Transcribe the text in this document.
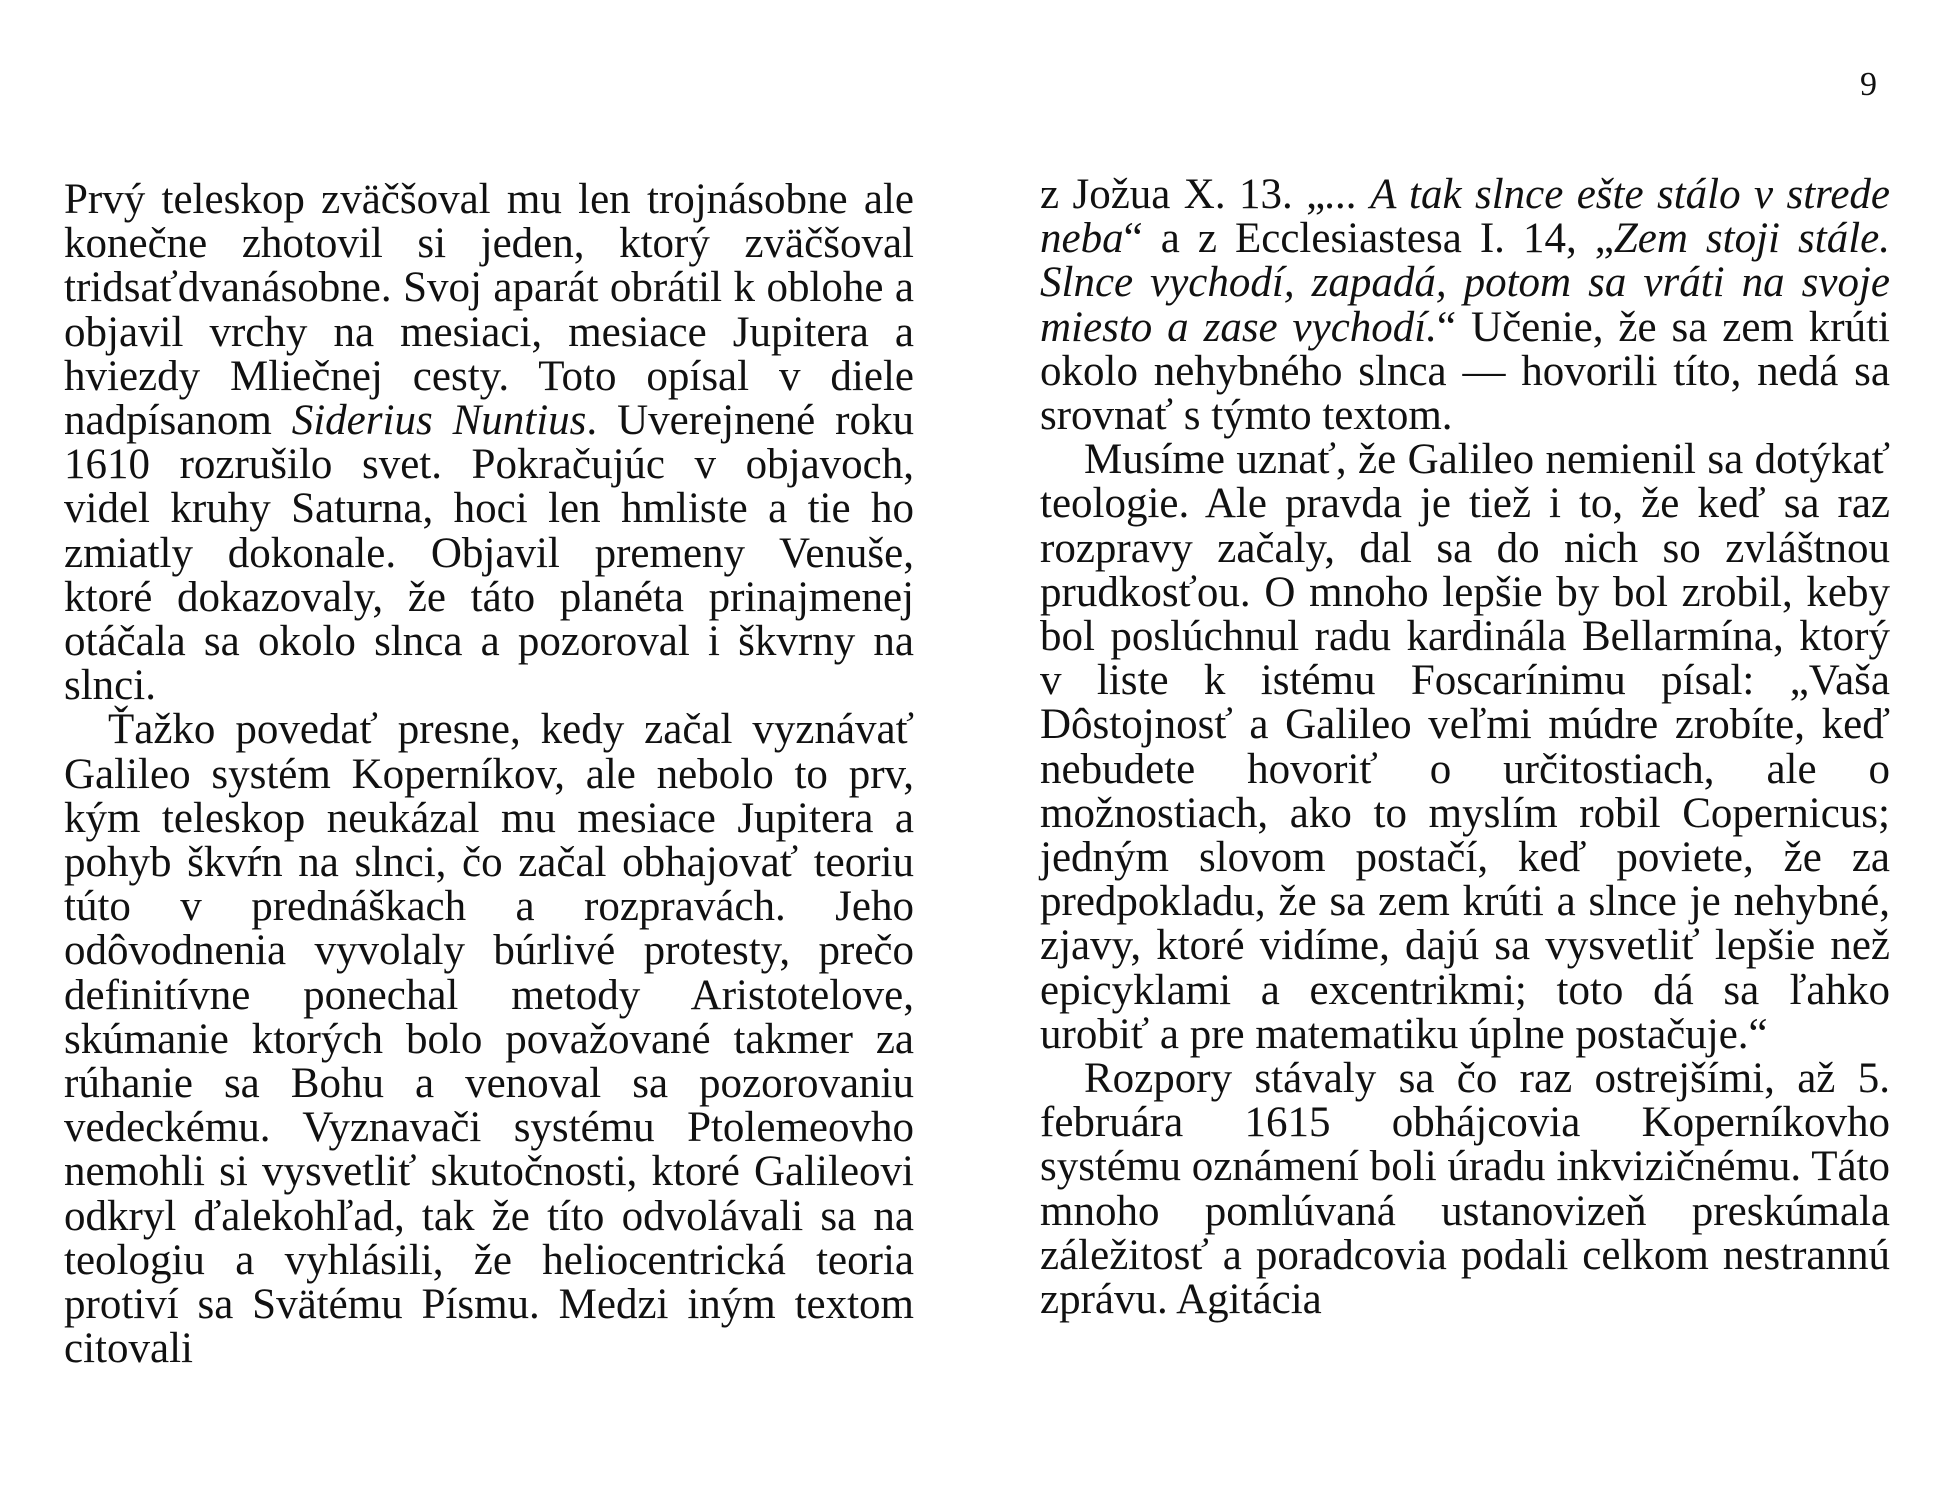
9

Prvý teleskop zväčšoval mu len trojnásobne ale konečne zhotovil si jeden, ktorý zväčšoval tridsaťdvanásobne. Svoj aparát obrátil k oblohe a objavil vrchy na mesiaci, mesiace Jupitera a hviezdy Mliečnej cesty. Toto opísal v diele nadpísanom Siderius Nuntius. Uverejnené roku 1610 rozrušilo svet. Pokračujúc v objavoch, videl kruhy Saturna, hoci len hmliste a tie ho zmiatly dokonale. Objavil premeny Venuše, ktoré dokazovaly, že táto planéta prinajmenej otáčala sa okolo slnca a pozoroval i škvrny na slnci.

Ťažko povedať presne, kedy začal vyznávať Galileo systém Koperníkov, ale nebolo to prv, kým teleskop neukázal mu mesiace Jupitera a pohyb škvŕn na slnci, čo začal obhajovať teoriu túto v prednáškach a rozpravách. Jeho odôvodnenia vyvolaly búrlivé protesty, prečo definitívne ponechal metody Aristotelove, skúmanie ktorých bolo považované takmer za rúhanie sa Bohu a venoval sa pozorovaniu vedeckému. Vyznavači systému Ptolemeovho nemohli si vysvetliť skutočnosti, ktoré Galileovi odkryl ďalekohľad, tak že títo odvolávali sa na teologiu a vyhlásili, že heliocentrická teoria protiví sa Svätému Písmu. Medzi iným textom citovali

z Jožua X. 13. „... A tak slnce ešte stálo v strede neba“ a z Ecclesiastesa I. 14, „Zem stoji stále. Slnce vychodí, zapadá, potom sa vráti na svoje miesto a zase vychodí.“ Učenie, že sa zem krúti okolo nehybného slnca — hovorili títo, nedá sa srovnať s týmto textom.

Musíme uznať, že Galileo nemienil sa dotýkať teologie. Ale pravda je tiež i to, že keď sa raz rozpravy začaly, dal sa do nich so zvláštnou prudkosťou. O mnoho lepšie by bol zrobil, keby bol poslúchnul radu kardinála Bellarmína, ktorý v liste k istému Foscarínimu písal: „Vaša Dôstojnosť a Galileo veľmi múdre zrobíte, keď nebudete hovoriť o určitostiach, ale o možnostiach, ako to myslím robil Copernicus; jedným slovom postačí, keď poviete, že za predpokladu, že sa zem krúti a slnce je nehybné, zjavy, ktoré vidíme, dajú sa vysvetliť lepšie než epicyklami a excentrikmi; toto dá sa ľahko urobiť a pre matematiku úplne postačuje.“

Rozpory stávaly sa čo raz ostrejšími, až 5. februára 1615 obhájcovia Koperníkovho systému oznámení boli úradu inkvizičnému. Táto mnoho pomlúvaná ustanovizeň preskúmala záležitosť a poradcovia podali celkom nestrannú zprávu. Agitácia
